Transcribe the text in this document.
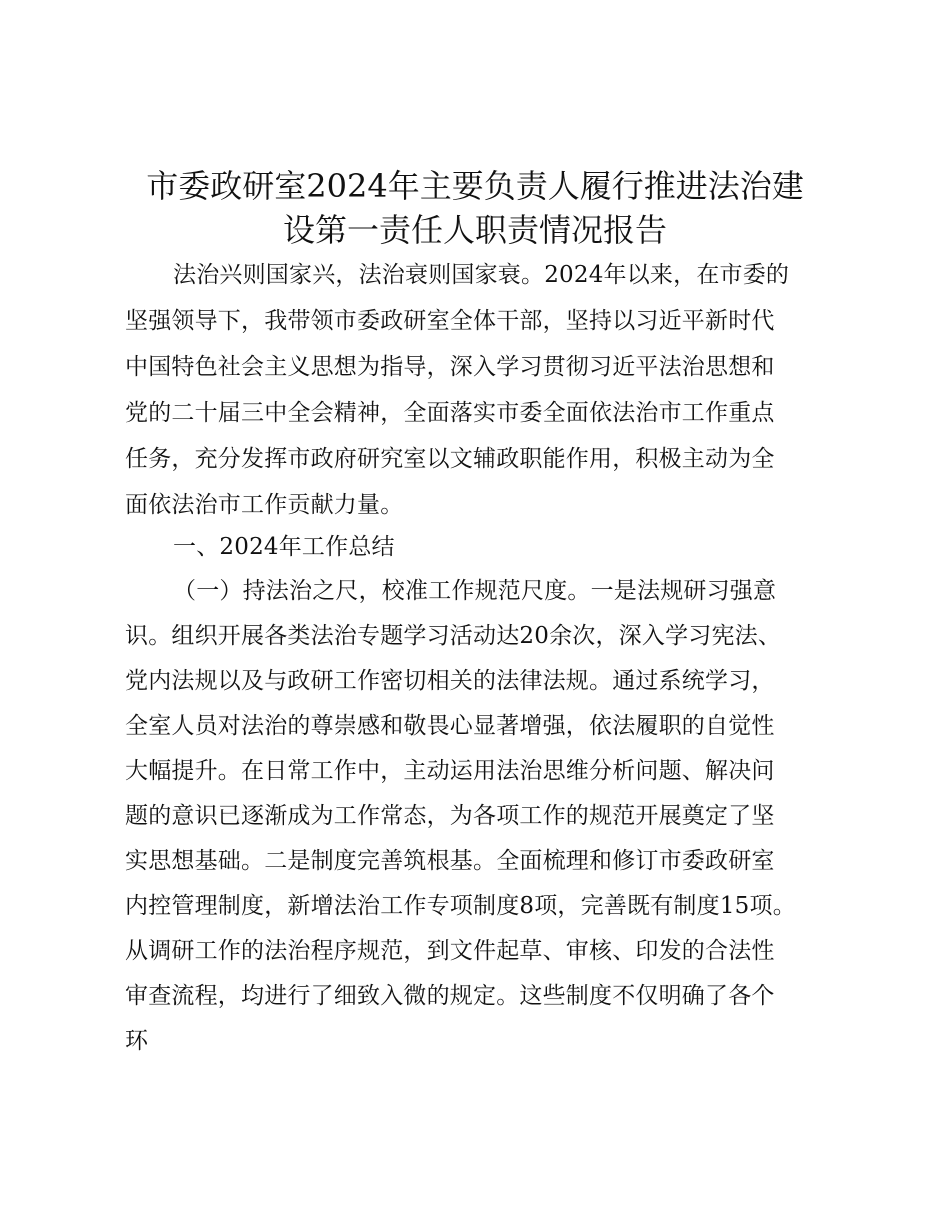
市委政研室2024年主要负责人履行推进法治建
设第一责任人职责情况报告
法治兴则国家兴，法治衰则国家衰。2024年以来，在市委的
坚强领导下，我带领市委政研室全体干部，坚持以习近平新时代
中国特色社会主义思想为指导，深入学习贯彻习近平法治思想和
党的二十届三中全会精神，全面落实市委全面依法治市工作重点
任务，充分发挥市政府研究室以文辅政职能作用，积极主动为全
面依法治市工作贡献力量。
一、2024年工作总结
（一）持法治之尺，校准工作规范尺度。一是法规研习强意
识。组织开展各类法治专题学习活动达20余次，深入学习宪法、
党内法规以及与政研工作密切相关的法律法规。通过系统学习，
全室人员对法治的尊崇感和敬畏心显著增强，依法履职的自觉性
大幅提升。在日常工作中，主动运用法治思维分析问题、解决问
题的意识已逐渐成为工作常态，为各项工作的规范开展奠定了坚
实思想基础。二是制度完善筑根基。全面梳理和修订市委政研室
内控管理制度，新增法治工作专项制度8项，完善既有制度15项。
从调研工作的法治程序规范，到文件起草、审核、印发的合法性
审查流程，均进行了细致入微的规定。这些制度不仅明确了各个
环
